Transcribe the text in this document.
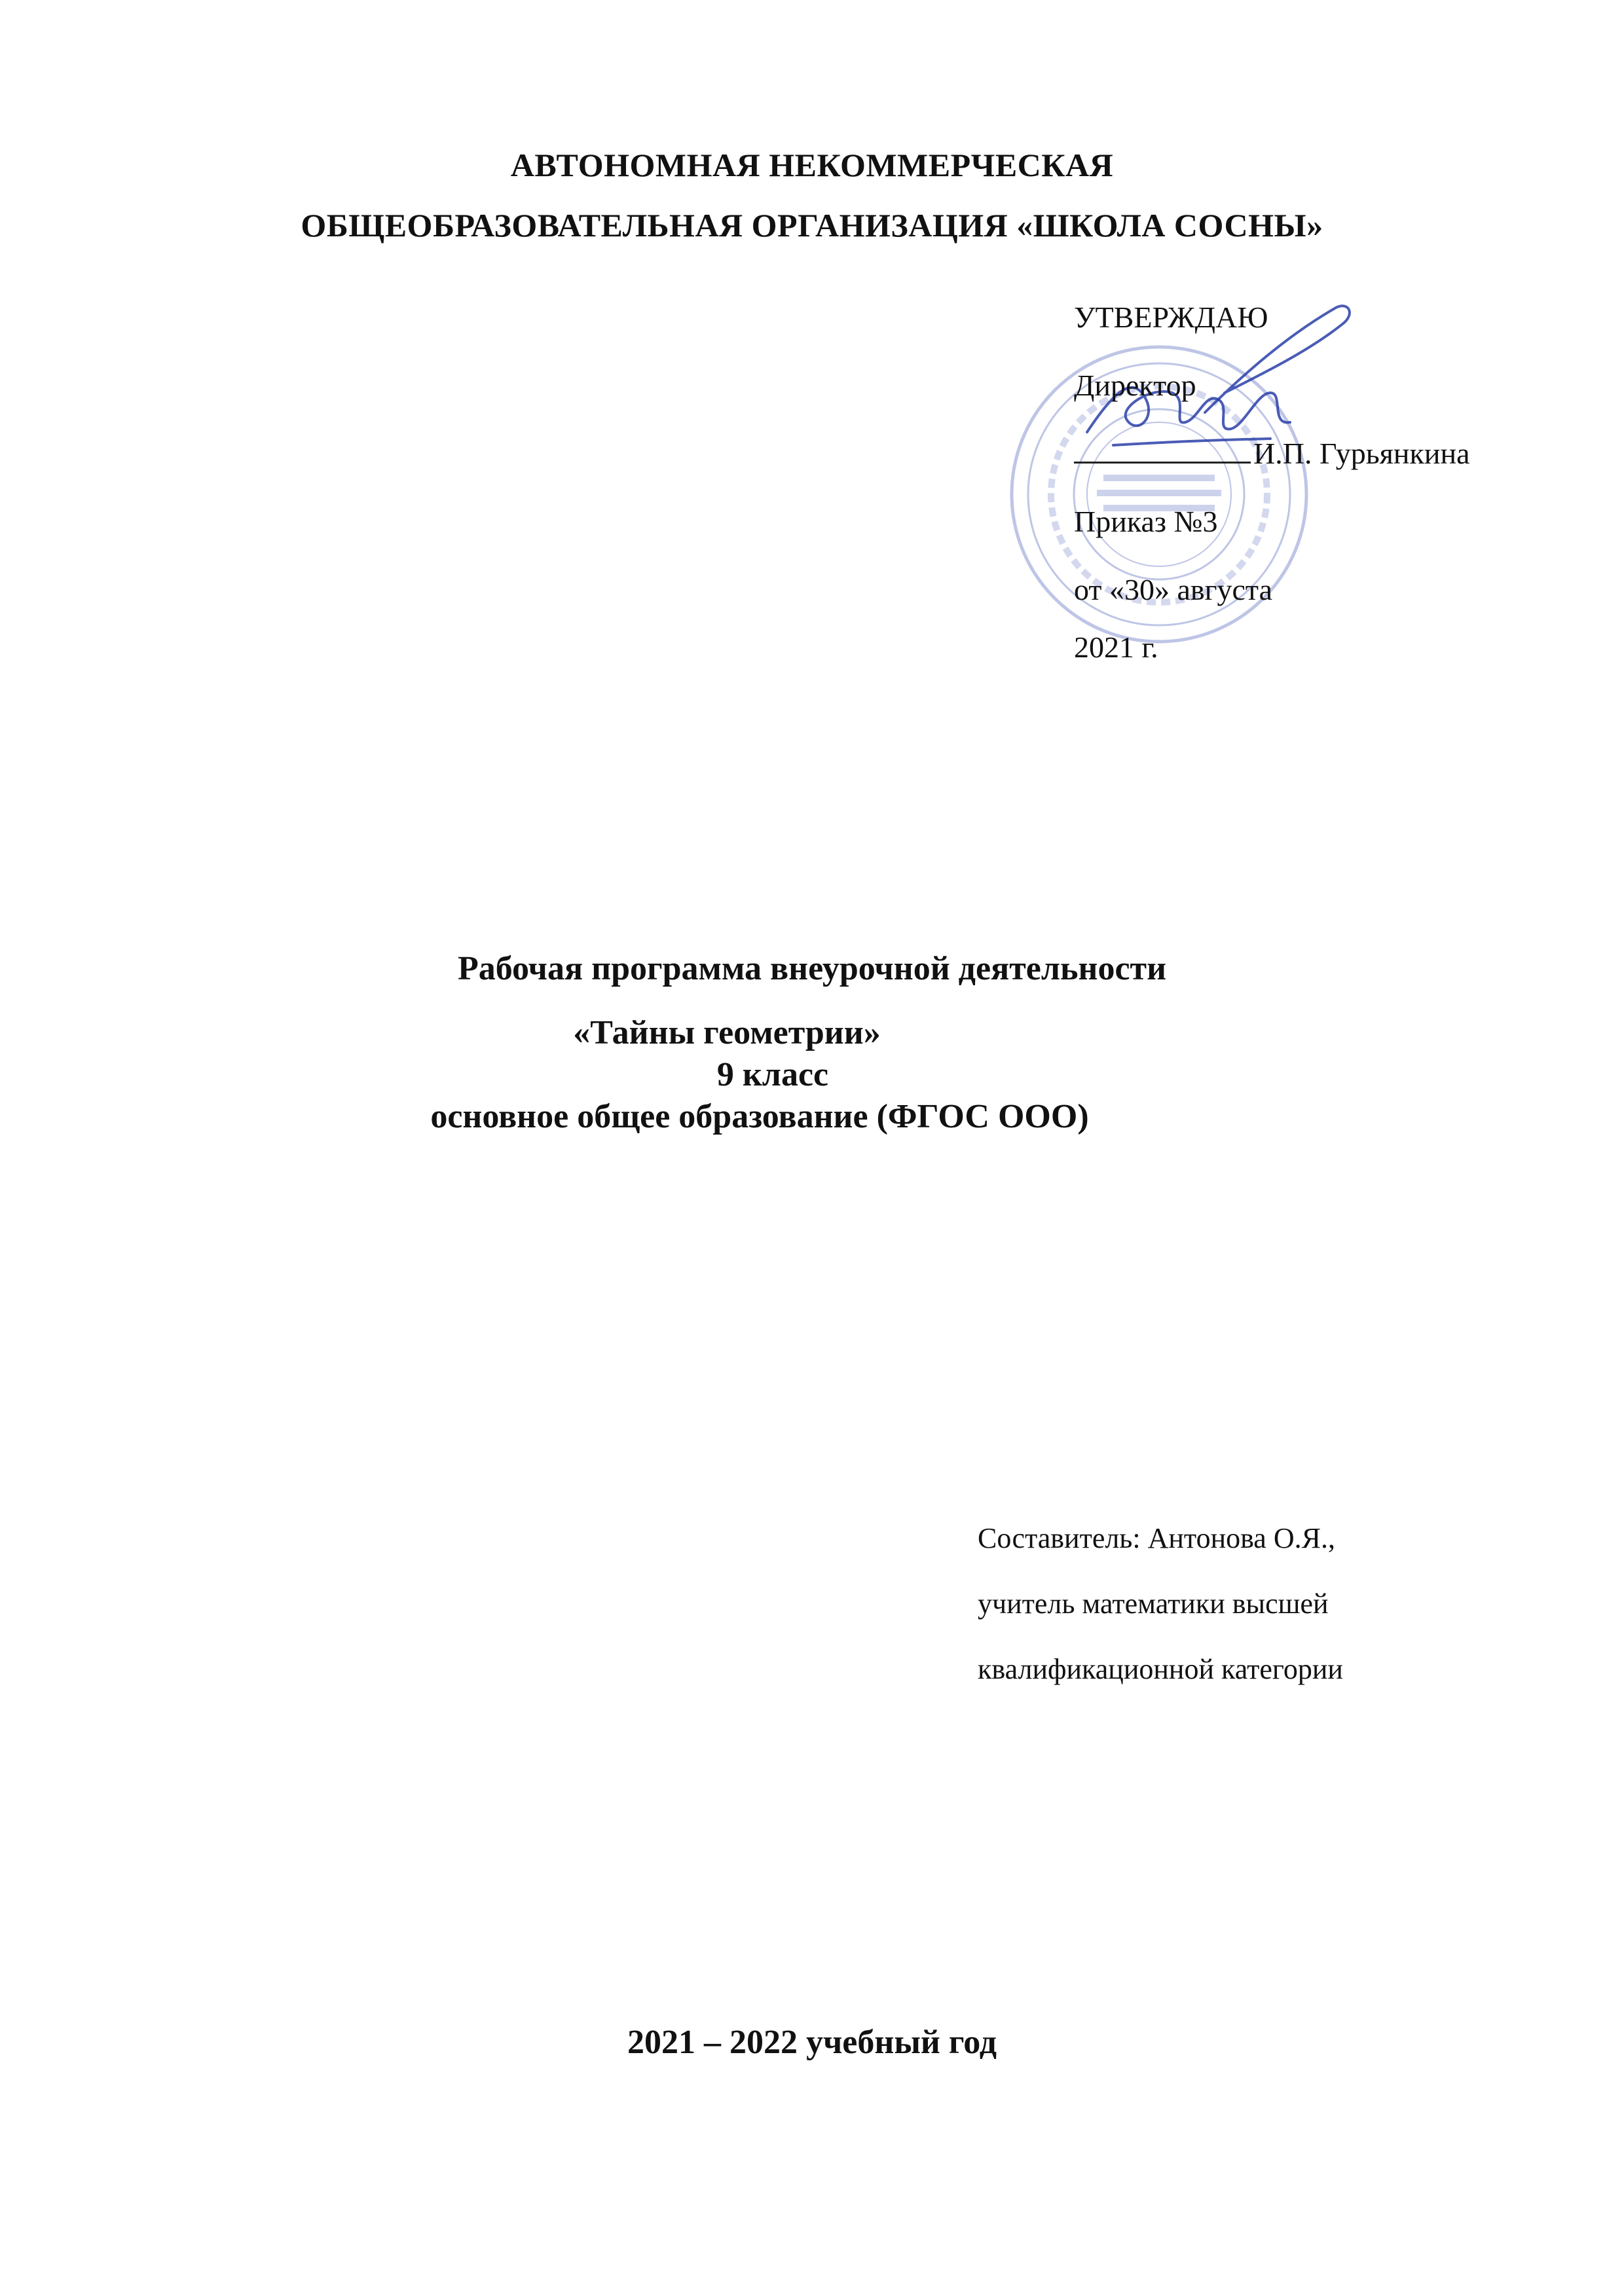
АВТОНОМНАЯ НЕКОММЕРЧЕСКАЯ
ОБЩЕОБРАЗОВАТЕЛЬНАЯ ОРГАНИЗАЦИЯ «ШКОЛА СОСНЫ»
УТВЕРЖДАЮ
Директор
И.П. Гурьянкина
Приказ №3
от «30» августа
2021 г.
Рабочая программа внеурочной деятельности
«Тайны геометрии»
9 класс
основное общее образование (ФГОС ООО)
Составитель: Антонова О.Я.,
учитель математики высшей
квалификационной категории
2021 – 2022 учебный год
